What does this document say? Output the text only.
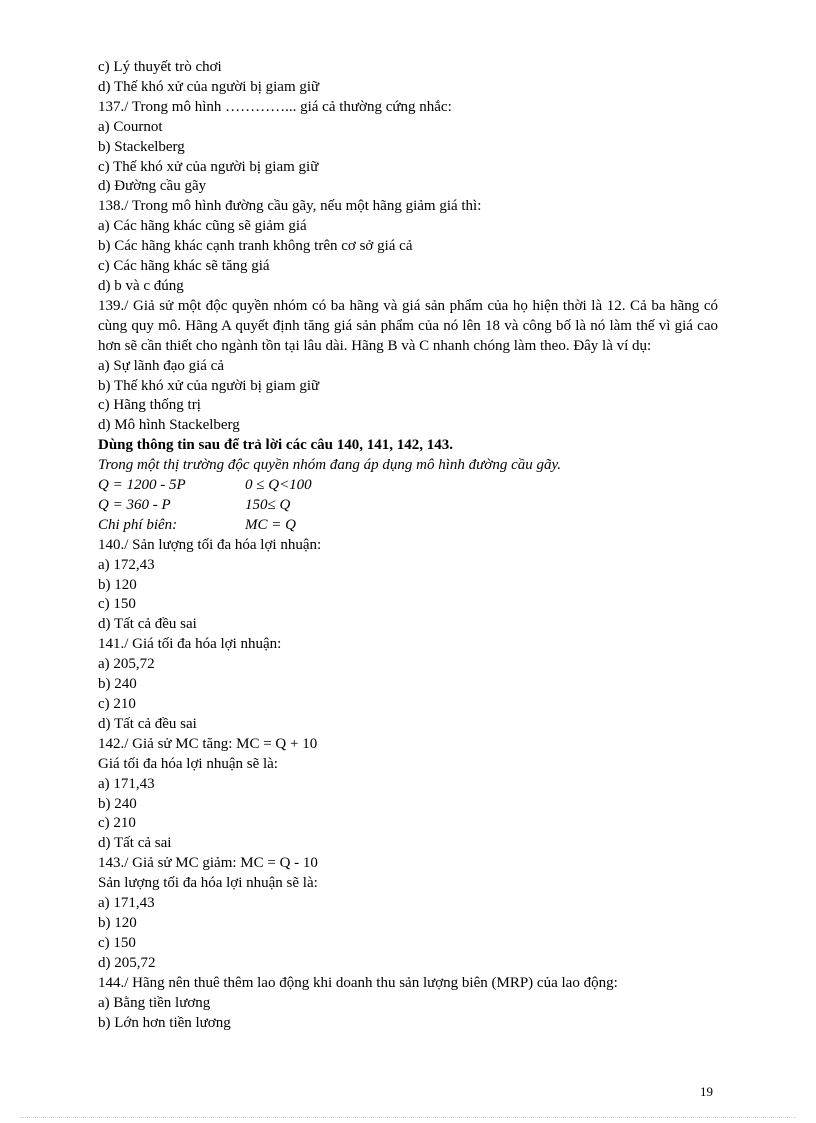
c) Lý thuyết trò chơi
d) Thế khó xử của người bị giam giữ
137./ Trong mô hình …………... giá cả thường cứng nhắc:
a) Cournot
b) Stackelberg
c) Thế khó xử của người bị giam giữ
d) Đường cầu gãy
138./ Trong mô hình đường cầu gãy, nếu một hãng giảm giá thì:
a) Các hãng khác cũng sẽ giảm giá
b) Các hãng khác cạnh tranh không trên cơ sở giá cả
c) Các hãng khác sẽ tăng giá
d) b và c đúng
139./ Giả sử một độc quyền nhóm có ba hãng và giá sản phẩm của họ hiện thời là 12. Cả ba hãng có cùng quy mô. Hãng A quyết định tăng giá sản phẩm của nó lên 18 và công bố là nó làm thế vì giá cao hơn sẽ cần thiết cho ngành tồn tại lâu dài. Hãng B và C nhanh chóng làm theo. Đây là ví dụ:
a) Sự lãnh đạo giá cả
b) Thế khó xử của người bị giam giữ
c) Hãng thống trị
d) Mô hình Stackelberg
Dùng thông tin sau để trả lời các câu 140, 141, 142, 143.
Trong một thị trường độc quyền nhóm đang áp dụng mô hình đường cầu gãy.
Q = 1200 - 5P	0 ≤ Q<100
Q = 360 - P	150≤ Q
Chi phí biên:	MC = Q
140./ Sản lượng tối đa hóa lợi nhuận:
a) 172,43
b) 120
c) 150
d) Tất cả đều sai
141./ Giá tối đa hóa lợi nhuận:
a) 205,72
b) 240
c) 210
d) Tất cả đều sai
142./ Giả sử MC tăng: MC = Q + 10
Giá tối đa hóa lợi nhuận sẽ là:
a) 171,43
b) 240
c) 210
d) Tất cả sai
143./ Giả sử MC giảm: MC = Q - 10
Sản lượng tối đa hóa lợi nhuận sẽ là:
a) 171,43
b) 120
c) 150
d) 205,72
144./ Hãng nên thuê thêm lao động khi doanh thu sản lượng biên (MRP) của lao động:
a) Bằng tiền lương
b) Lớn hơn tiền lương
19
